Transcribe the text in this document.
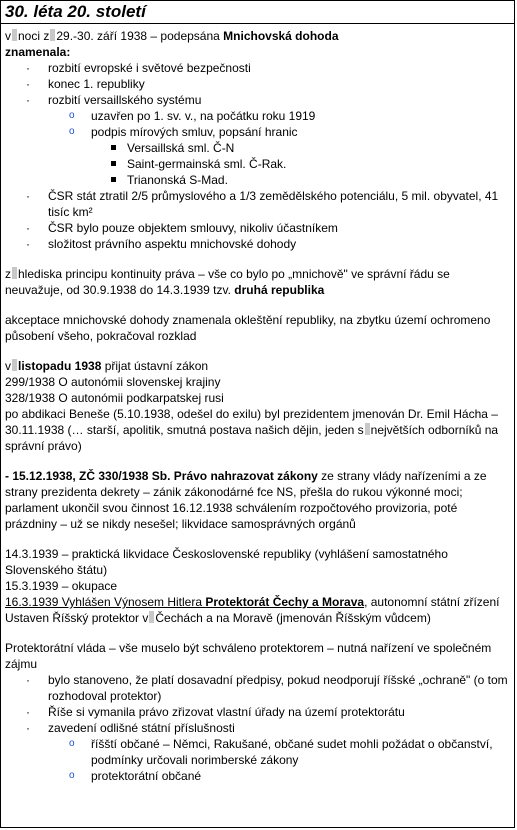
30. léta 20. století

v noci z 29.-30. září 1938 – podepsána Mnichovská dohoda

znamenala:

· rozbití evropské i světové bezpečnosti
· konec 1. republiky
· rozbití versaillského systému
o uzavřen po 1. sv. v., na počátku roku 1919
o podpis mírových smluv, popsání hranic
Versaillská sml. Č-N
Saint-germainská sml. Č-Rak.
Trianonská S-Mad.
· ČSR stát ztratil 2/5 průmyslového a 1/3 zemědělského potenciálu, 5 mil. obyvatel, 41 tisíc km²
· ČSR bylo pouze objektem smlouvy, nikoliv účastníkem
· složitost právního aspektu mnichovské dohody

z hlediska principu kontinuity práva – vše co bylo po „mnichově" ve správní řádu se neuvažuje, od 30.9.1938 do 14.3.1939 tzv. druhá republika

akceptace mnichovské dohody znamenala okleštění republiky, na zbytku území ochromeno působení všeho, pokračoval rozklad

v listopadu 1938 přijat ústavní zákon

299/1938 O autonómii slovenskej krajiny

328/1938 O autonómii podkarpatskej rusi

po abdikaci Beneše (5.10.1938, odešel do exilu) byl prezidentem jmenován Dr. Emil Hácha – 30.11.1938 (… starší, apolitik, smutná postava našich dějin, jeden s největších odborníků na správní právo)

- 15.12.1938, ZČ 330/1938 Sb. Právo nahrazovat zákony ze strany vlády nařízeními a ze strany prezidenta dekrety – zánik zákonodárné fce NS, přešla do rukou výkonné moci; parlament ukončil svou činnost 16.12.1938 schválením rozpočtového provizoria, poté prázdniny – už se nikdy nesešel; likvidace samosprávných orgánů

14.3.1939 – praktická likvidace Československé republiky (vyhlášení samostatného Slovenského štátu)

15.3.1939 – okupace

16.3.1939 Vyhlášen Výnosem Hitlera Protektorát Čechy a Morava, autonomní státní zřízení

Ustaven Říšský protektor v Čechách a na Moravě (jmenován Říšským vůdcem)

Protektorátní vláda – vše muselo být schváleno protektorem – nutná nařízení ve společném zájmu

· bylo stanoveno, že platí dosavadní předpisy, pokud neodporují říšské „ochraně" (o tom rozhodoval protektor)
· Říše si vymanila právo zřizovat vlastní úřady na území protektorátu
· zavedení odlišné státní příslušnosti
o říšští občané – Němci, Rakušané, občané sudet mohli požádat o občanství, podmínky určovali norimberské zákony
o protektorátní občané
